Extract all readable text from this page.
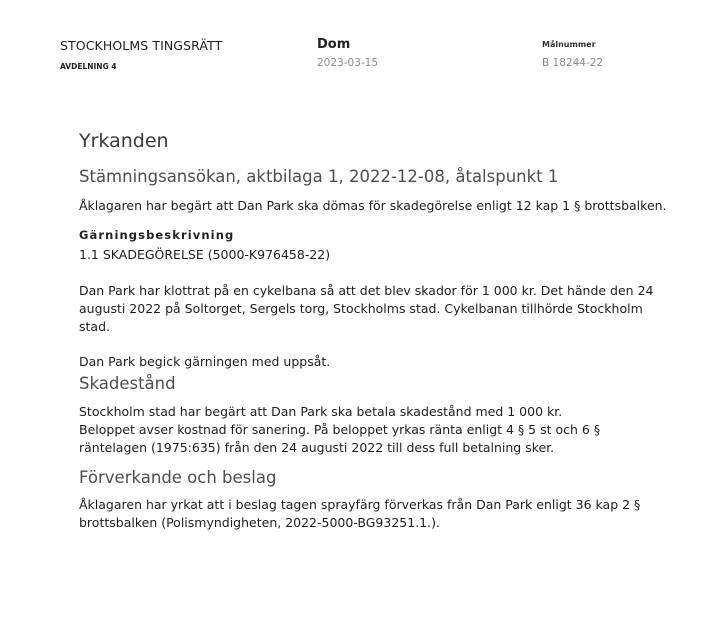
STOCKHOLMS TINGSRÄTT
AVDELNING 4
Dom
2023-03-15
Målnummer
B 18244-22
Yrkanden
Stämningsansökan, aktbilaga 1, 2022-12-08, åtalspunkt 1

Åklagaren har begärt att Dan Park ska dömas för skadegörelse enligt 12 kap 1 § brottsbalken.

Gärningsbeskrivning
1.1 SKADEGÖRELSE (5000-K976458-22)

Dan Park har klottrat på en cykelbana så att det blev skador för 1 000 kr. Det hände den 24 augusti 2022 på Soltorget, Sergels torg, Stockholms stad. Cykelbanan tillhörde Stockholm stad.

Dan Park begick gärningen med uppsåt.

Skadestånd

Stockholm stad har begärt att Dan Park ska betala skadestånd med 1 000 kr.

Beloppet avser kostnad för sanering. På beloppet yrkas ränta enligt 4 § 5 st och 6 § räntelagen (1975:635) från den 24 augusti 2022 till dess full betalning sker.

Förverkande och beslag

Åklagaren har yrkat att i beslag tagen sprayfärg förverkas från Dan Park enligt 36 kap 2 § brottsbalken (Polismyndigheten, 2022-5000-BG93251.1.).
